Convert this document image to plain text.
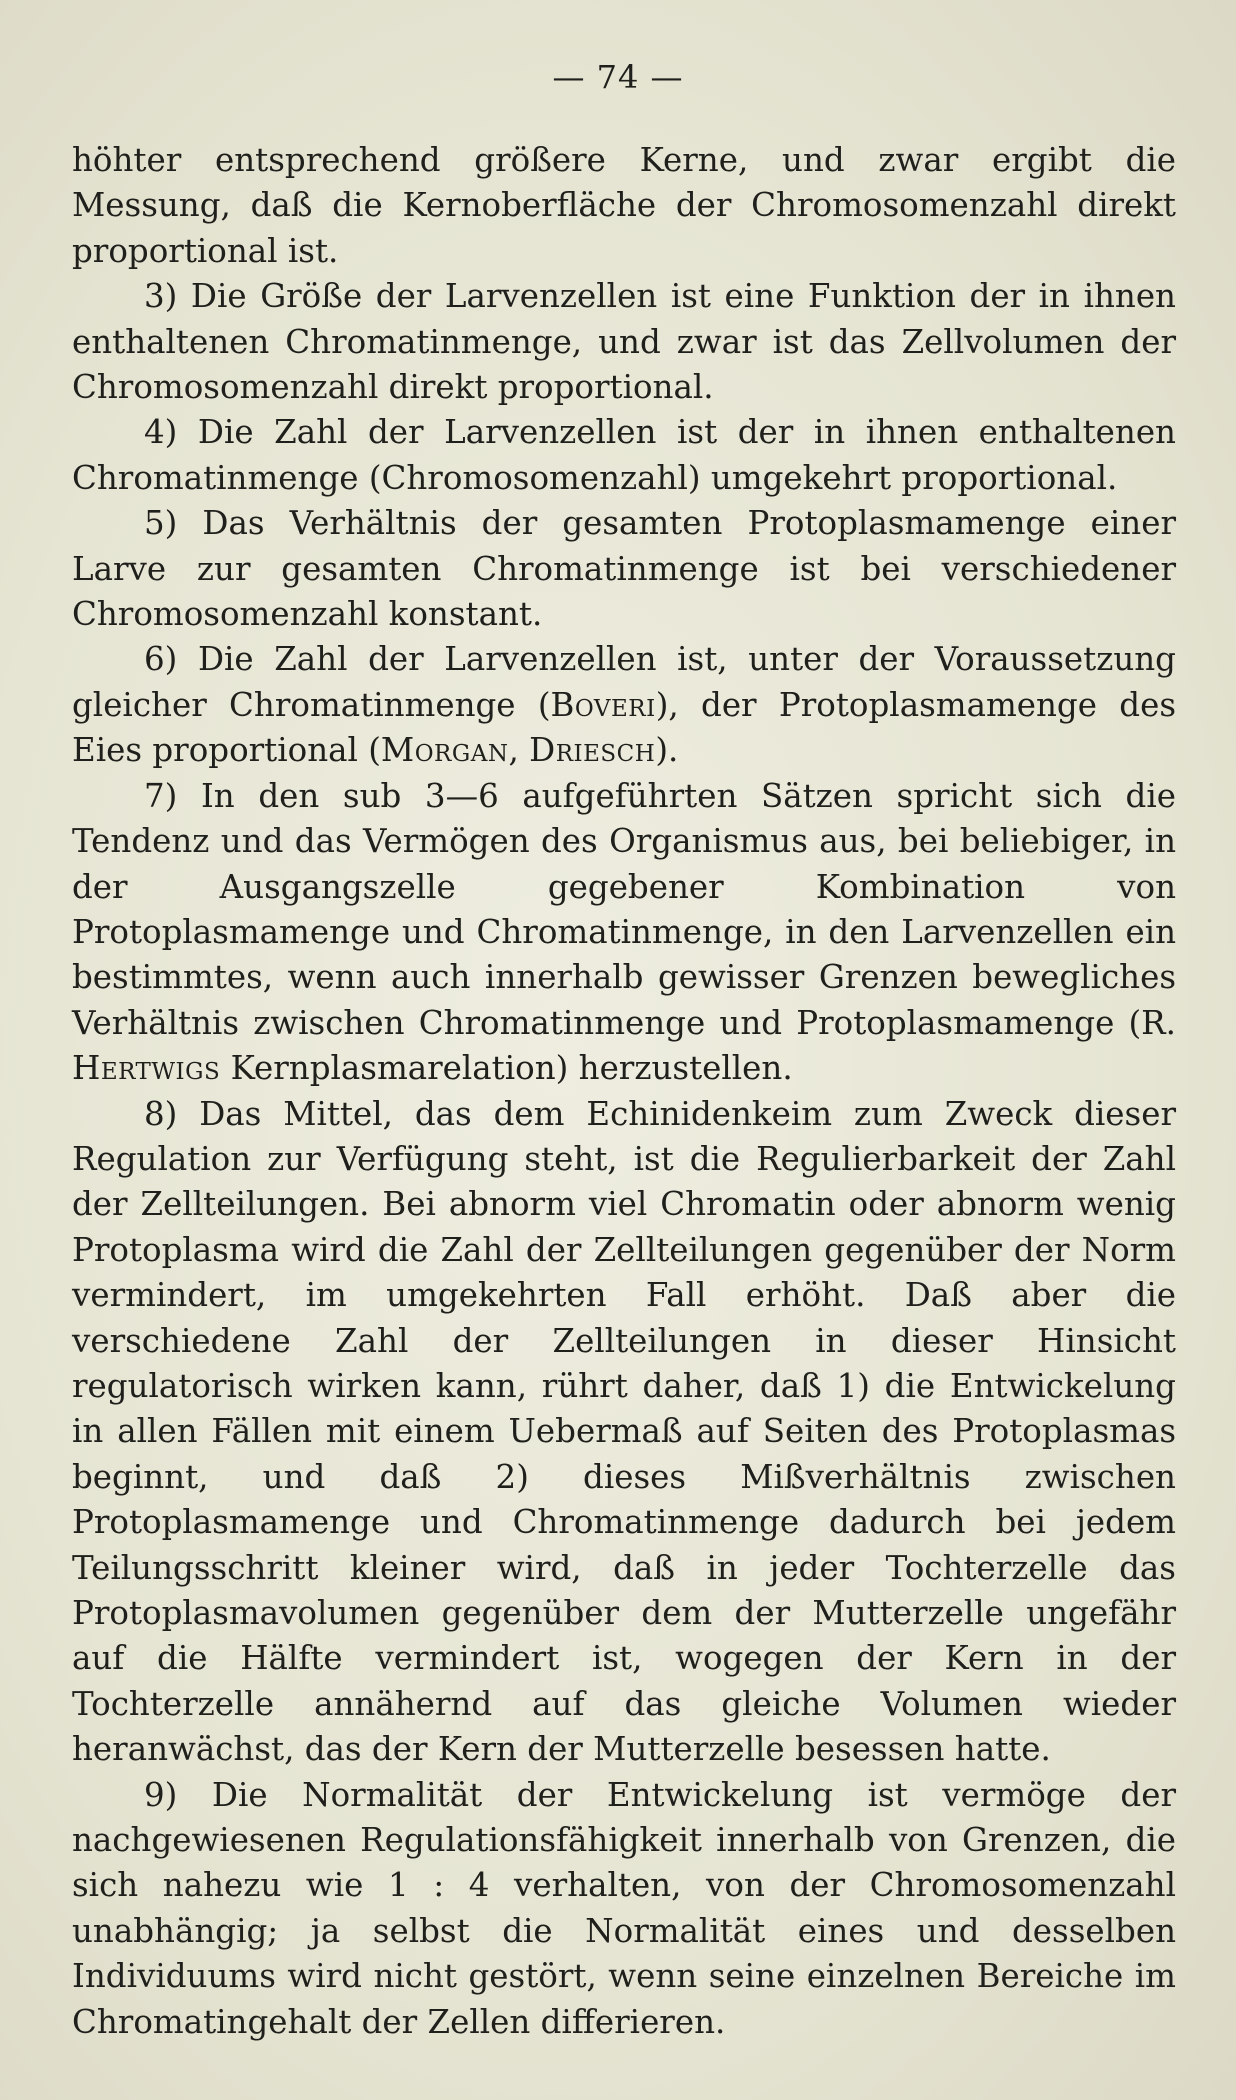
— 74 —

höhter entsprechend größere Kerne, und zwar ergibt die Messung, daß die Kernoberfläche der Chromosomenzahl direkt proportional ist.

3) Die Größe der Larvenzellen ist eine Funktion der in ihnen enthaltenen Chromatinmenge, und zwar ist das Zellvolumen der Chromosomenzahl direkt proportional.

4) Die Zahl der Larvenzellen ist der in ihnen enthaltenen Chromatinmenge (Chromosomenzahl) umgekehrt proportional.

5) Das Verhältnis der gesamten Protoplasmamenge einer Larve zur gesamten Chromatinmenge ist bei verschiedener Chromosomenzahl konstant.

6) Die Zahl der Larvenzellen ist, unter der Voraussetzung gleicher Chromatinmenge (Boveri), der Protoplasmamenge des Eies proportional (Morgan, Driesch).

7) In den sub 3—6 aufgeführten Sätzen spricht sich die Tendenz und das Vermögen des Organismus aus, bei beliebiger, in der Ausgangszelle gegebener Kombination von Protoplasmamenge und Chromatinmenge, in den Larvenzellen ein bestimmtes, wenn auch innerhalb gewisser Grenzen bewegliches Verhältnis zwischen Chromatinmenge und Protoplasmamenge (R. Hertwigs Kernplasmarelation) herzustellen.

8) Das Mittel, das dem Echinidenkeim zum Zweck dieser Regulation zur Verfügung steht, ist die Regulierbarkeit der Zahl der Zellteilungen. Bei abnorm viel Chromatin oder abnorm wenig Protoplasma wird die Zahl der Zellteilungen gegenüber der Norm vermindert, im umgekehrten Fall erhöht. Daß aber die verschiedene Zahl der Zellteilungen in dieser Hinsicht regulatorisch wirken kann, rührt daher, daß 1) die Entwickelung in allen Fällen mit einem Uebermaß auf Seiten des Protoplasmas beginnt, und daß 2) dieses Mißverhältnis zwischen Protoplasmamenge und Chromatinmenge dadurch bei jedem Teilungsschritt kleiner wird, daß in jeder Tochterzelle das Protoplasmavolumen gegenüber dem der Mutterzelle ungefähr auf die Hälfte vermindert ist, wogegen der Kern in der Tochterzelle annähernd auf das gleiche Volumen wieder heranwächst, das der Kern der Mutterzelle besessen hatte.

9) Die Normalität der Entwickelung ist vermöge der nachgewiesenen Regulationsfähigkeit innerhalb von Grenzen, die sich nahezu wie 1 : 4 verhalten, von der Chromosomenzahl unabhängig; ja selbst die Normalität eines und desselben Individuums wird nicht gestört, wenn seine einzelnen Bereiche im Chromatingehalt der Zellen differieren.
